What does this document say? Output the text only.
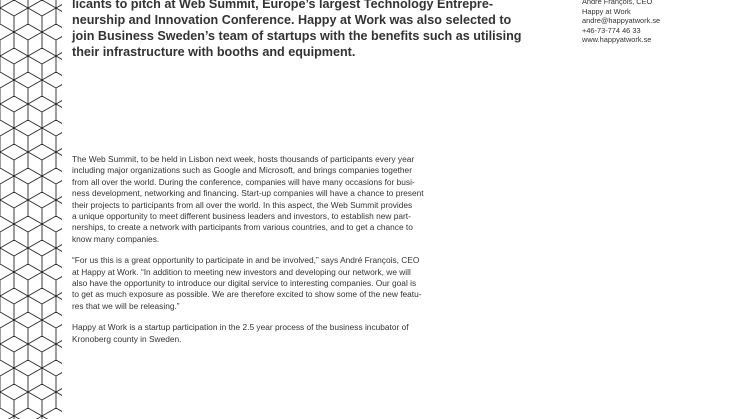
licants to pitch at Web Summit, Europe’s largest Technology Entrepre-
neurship and Innovation Conference. Happy at Work was also selected to
join Business Sweden’s team of startups with the benefits such as utilising
their infrastructure with booths and equipment.
André François, CEO
Happy at Work
andre@happyatwork.se
+46-73-774 46 33
www.happyatwork.se

The Web Summit, to be held in Lisbon next week, hosts thousands of participants every year
including major organizations such as Google and Microsoft, and brings companies together
from all over the world. During the conference, companies will have many occasions for busi-
ness development, networking and financing. Start-up companies will have a chance to present
their projects to participants from all over the world. In this aspect, the Web Summit provides
a unique opportunity to meet different business leaders and investors, to establish new part-
nerships, to create a network with participants from various countries, and to get a chance to
know many companies.

“For us this is a great opportunity to participate in and be involved,” says André François, CEO
at Happy at Work. “In addition to meeting new investors and developing our network, we will
also have the opportunity to introduce our digital service to interesting companies. Our goal is
to get as much exposure as possible. We are therefore excited to show some of the new featu-
res that we will be releasing.”

Happy at Work is a startup participation in the 2.5 year process of the business incubator of
Kronoberg county in Sweden.
